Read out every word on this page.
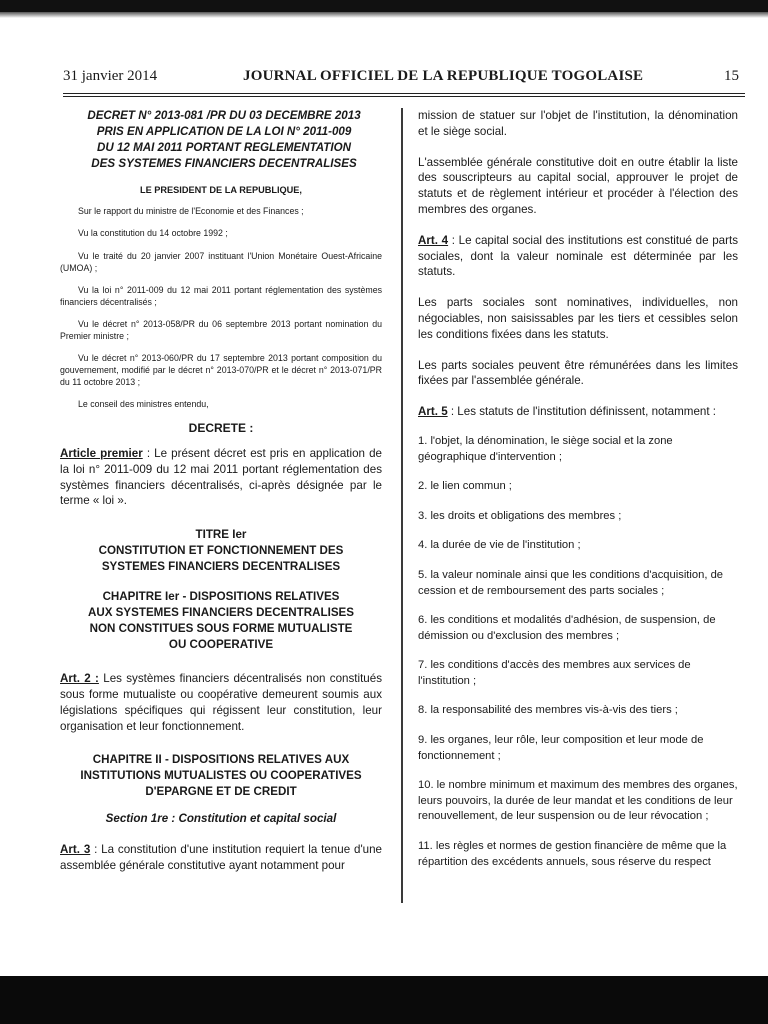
31 janvier 2014	JOURNAL OFFICIEL DE LA REPUBLIQUE TOGOLAISE	15

DECRET N° 2013-081 /PR DU 03 DECEMBRE 2013

PRIS EN APPLICATION DE LA LOI N° 2011-009

DU 12 MAI 2011 PORTANT REGLEMENTATION

DES SYSTEMES FINANCIERS DECENTRALISES

LE PRESIDENT DE LA REPUBLIQUE,

Sur le rapport du ministre de l'Economie et des Finances ;

Vu la constitution du 14 octobre 1992 ;

Vu le traité du 20 janvier 2007 instituant l'Union Monétaire Ouest-Africaine (UMOA) ;

Vu la loi n° 2011-009 du 12 mai 2011 portant réglementation des systèmes financiers décentralisés ;

Vu le décret n° 2013-058/PR du 06 septembre 2013 portant nomination du Premier ministre ;

Vu le décret n° 2013-060/PR du 17 septembre 2013 portant composition du gouvernement, modifié par le décret n° 2013-070/PR et le décret n° 2013-071/PR du 11 octobre 2013 ;

Le conseil des ministres entendu,

DECRETE :

Article premier : Le présent décret est pris en application de la loi n° 2011-009 du 12 mai 2011 portant réglementation des systèmes financiers décentralisés, ci-après désignée par le terme « loi ».

TITRE Ier

CONSTITUTION ET FONCTIONNEMENT DES

SYSTEMES FINANCIERS DECENTRALISES

CHAPITRE Ier - DISPOSITIONS RELATIVES

AUX SYSTEMES FINANCIERS DECENTRALISES

NON CONSTITUES SOUS FORME MUTUALISTE

OU COOPERATIVE

Art. 2 : Les systèmes financiers décentralisés non constitués sous forme mutualiste ou coopérative demeurent soumis aux législations spécifiques qui régissent leur constitution, leur organisation et leur fonctionnement.

CHAPITRE II - DISPOSITIONS RELATIVES AUX

INSTITUTIONS MUTUALISTES OU COOPERATIVES

D'EPARGNE ET DE CREDIT

Section 1re : Constitution et capital social

Art. 3 : La constitution d'une institution requiert la tenue d'une assemblée générale constitutive ayant notamment pour

mission de statuer sur l'objet de l'institution, la dénomination et le siège social.

L'assemblée générale constitutive doit en outre établir la liste des souscripteurs au capital social, approuver le projet de statuts et de règlement intérieur et procéder à l'élection des membres des organes.

Art. 4 : Le capital social des institutions est constitué de parts sociales, dont la valeur nominale est déterminée par les statuts.

Les parts sociales sont nominatives, individuelles, non négociables, non saisissables par les tiers et cessibles selon les conditions fixées dans les statuts.

Les parts sociales peuvent être rémunérées dans les limites fixées par l'assemblée générale.

Art. 5 : Les statuts de l'institution définissent, notamment :

1. l'objet, la dénomination, le siège social et la zone géographique d'intervention ;

2. le lien commun ;

3. les droits et obligations des membres ;

4. la durée de vie de l'institution ;

5. la valeur nominale ainsi que les conditions d'acquisition, de cession et de remboursement des parts sociales ;

6. les conditions et modalités d'adhésion, de suspension, de démission ou d'exclusion des membres ;

7. les conditions d'accès des membres aux services de l'institution ;

8. la responsabilité des membres vis-à-vis des tiers ;

9. les organes, leur rôle, leur composition et leur mode de fonctionnement ;

10. le nombre minimum et maximum des membres des organes, leurs pouvoirs, la durée de leur mandat et les conditions de leur renouvellement, de leur suspension ou de leur révocation ;

11. les règles et normes de gestion financière de même que la répartition des excédents annuels, sous réserve du respect
